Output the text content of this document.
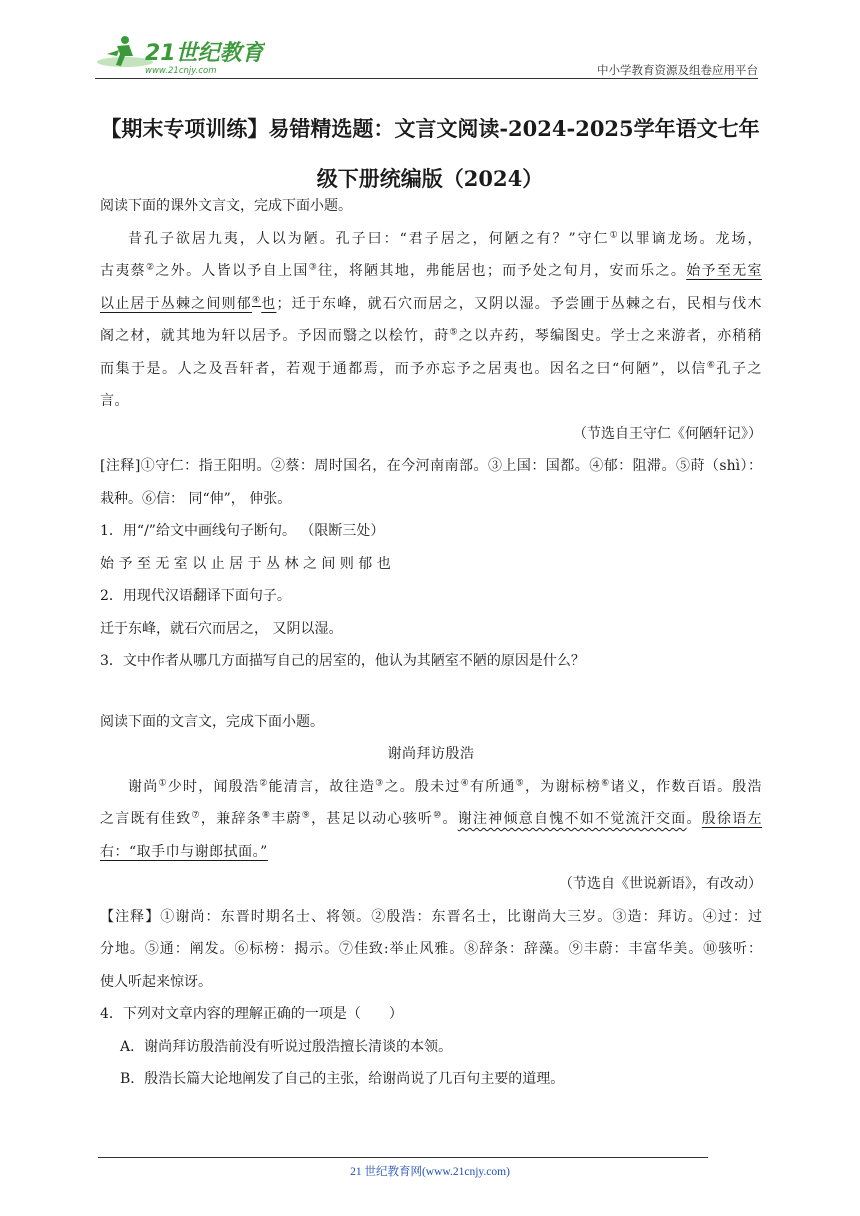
21世纪教育
www.21cnjy.com	中小学教育资源及组卷应用平台
【期末专项训练】易错精选题：文言文阅读-2024-2025学年语文七年
级下册统编版（2024）

阅读下面的课外文言文，完成下面小题。

昔孔子欲居九夷，人以为陋。孔子曰：“君子居之，何陋之有？”守仁①以罪谪龙场。龙场，

古夷蔡②之外。人皆以予自上国③往，将陋其地，弗能居也；而予处之旬月，安而乐之。始予至无室

以止居于丛棘之间则郁④也；迁于东峰，就石穴而居之，又阴以湿。予尝圃于丛棘之右，民相与伐木

阁之材，就其地为轩以居予。予因而翳之以桧竹，莳⑤之以卉药，琴编图史。学士之来游者，亦稍稍

而集于是。人之及吾轩者，若观于通都焉，而予亦忘予之居夷也。因名之曰“何陋”，以信⑥孔子之

言。

（节选自王守仁《何陋轩记》）

[注释]①守仁：指王阳明。②蔡：周时国名，在今河南南部。③上国：国都。④郁：阻滞。⑤莳（shì）：

栽种。⑥信： 同“伸”， 伸张。

1．用“/”给文中画线句子断句。 （限断三处）

始 予 至 无 室 以 止 居 于 丛 林 之 间 则 郁 也

2．用现代汉语翻译下面句子。

迁于东峰，就石穴而居之， 又阴以湿。

3．文中作者从哪几方面描写自己的居室的，他认为其陋室不陋的原因是什么？

阅读下面的文言文，完成下面小题。

谢尚拜访殷浩

谢尚①少时，闻殷浩②能清言，故往造③之。殷未过④有所通⑤，为谢标榜⑥诸义，作数百语。殷浩

之言既有佳致⑦，兼辞条⑧丰蔚⑨，甚足以动心骇听⑩。谢注神倾意自愧不如不觉流汗交面。殷徐语左

右：“取手巾与谢郎拭面。”

（节选自《世说新语》，有改动）

【注释】①谢尚：东晋时期名士、将领。②殷浩：东晋名士，比谢尚大三岁。③造：拜访。④过：过

分地。⑤通：阐发。⑥标榜：揭示。⑦佳致:举止风雅。⑧辞条：辞藻。⑨丰蔚：丰富华美。⑩骇听：

使人听起来惊讶。

4．下列对文章内容的理解正确的一项是（　　）

A．谢尚拜访殷浩前没有听说过殷浩擅长清谈的本领。

B．殷浩长篇大论地阐发了自己的主张，给谢尚说了几百句主要的道理。

21 世纪教育网(www.21cnjy.com)
